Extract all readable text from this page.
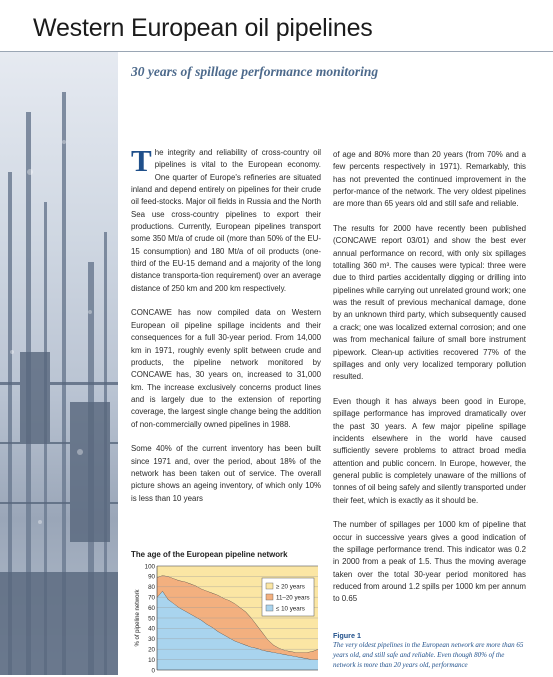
Western European oil pipelines
30 years of spillage performance monitoring

The integrity and reliability of cross-country oil pipelines is vital to the European economy. One quarter of Europe's refineries are situated inland and depend entirely on pipelines for their crude oil feed-stocks. Major oil fields in Russia and the North Sea use cross-country pipelines to export their productions. Currently, European pipelines transport some 350 Mt/a of crude oil (more than 50% of the EU-15 consumption) and 180 Mt/a of oil products (one-third of the EU-15 demand and a majority of the long distance transporta-tion requirement) over an average distance of 250 km and 200 km respectively.

CONCAWE has now compiled data on Western European oil pipeline spillage incidents and their consequences for a full 30-year period. From 14,000 km in 1971, roughly evenly split between crude and products, the pipeline network monitored by CONCAWE has, 30 years on, increased to 31,000 km. The increase exclusively concerns product lines and is largely due to the extension of reporting coverage, the largest single change being the addition of non-commercially owned pipelines in 1988.

Some 40% of the current inventory has been built since 1971 and, over the period, about 18% of the network has been taken out of service. The overall picture shows an ageing inventory, of which only 10% is less than 10 years

of age and 80% more than 20 years (from 70% and a few percents respectively in 1971). Remarkably, this has not prevented the continued improvement in the perfor-mance of the network. The very oldest pipelines are more than 65 years old and still safe and reliable.

The results for 2000 have recently been published (CONCAWE report 03/01) and show the best ever annual performance on record, with only six spillages totalling 360 m³. The causes were typical: three were due to third parties accidentally digging or drilling into pipelines while carrying out unrelated ground work; one was the result of previous mechanical damage, done by an unknown third party, which subsequently caused a crack; one was localized external corrosion; and one was from mechanical failure of small bore instrument pipework. Clean-up activities recovered 77% of the spillages and only very localized temporary pollution resulted.

Even though it has always been good in Europe, spillage performance has improved dramatically over the past 30 years. A few major pipeline spillage incidents elsewhere in the world have caused sufficiently severe problems to attract broad media attention and public concern. In Europe, however, the general public is completely unaware of the millions of tonnes of oil being safely and silently transported under their feet, which is exactly as it should be.

The number of spillages per 1000 km of pipeline that occur in successive years gives a good indication of the spillage performance trend. This indicator was 0.2 in 2000 from a peak of 1.5. Thus the moving average taken over the total 30-year period monitored has reduced from around 1.2 spills per 1000 km per annum to 0.65

The age of the European pipeline network
0
10
20
30
40
50
60
70
80
90
100
% of pipeline network
≥ 20 years
11–20 years
≤ 10 years
Figure 1
The very oldest pipelines in the European network are more than 65 years old, and still safe and reliable. Even though 80% of the network is more than 20 years old, performance
